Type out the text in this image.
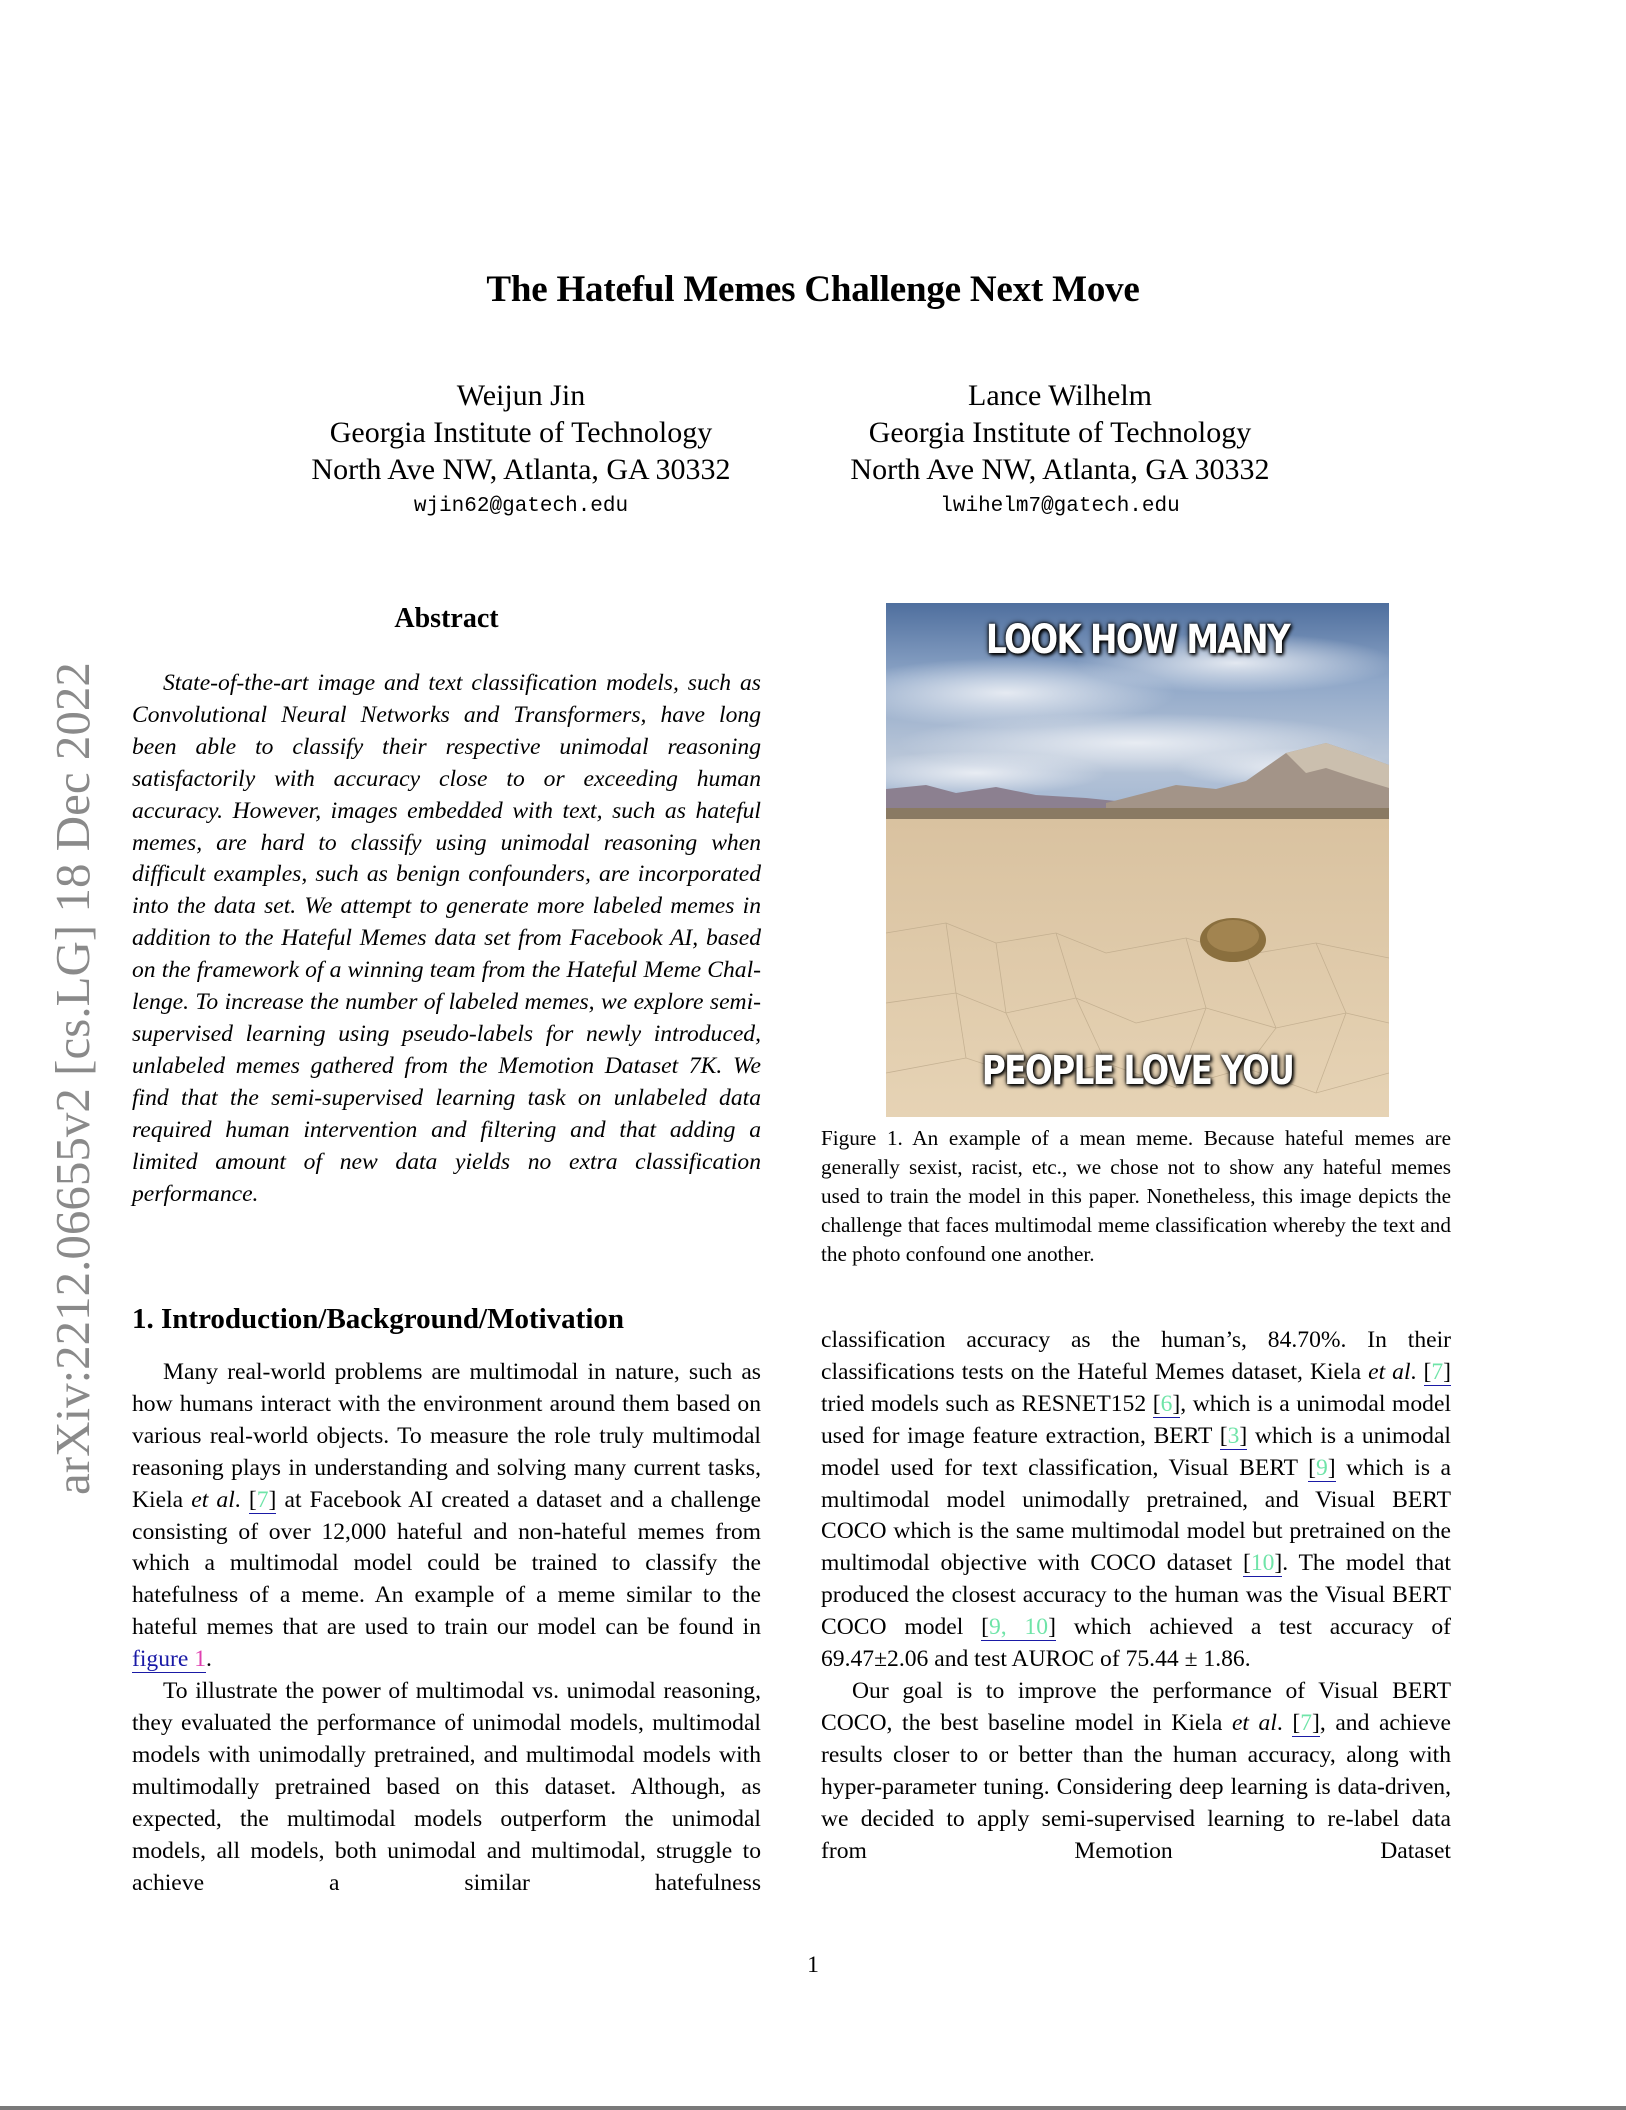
arXiv:2212.06655v2 [cs.LG] 18 Dec 2022
The Hateful Memes Challenge Next Move
Weijun Jin
Georgia Institute of Technology
North Ave NW, Atlanta, GA 30332
wjin62@gatech.edu
Lance Wilhelm
Georgia Institute of Technology
North Ave NW, Atlanta, GA 30332
lwihelm7@gatech.edu
Abstract

State-of-the-art image and text classification models, such as Convolutional Neural Networks and Transformers, have long been able to classify their respective unimodal reasoning satisfactorily with accuracy close to or exceeding human accuracy. However, images embedded with text, such as hateful memes, are hard to classify using unimodal reasoning when difficult examples, such as benign confounders, are incorporated into the data set. We attempt to generate more labeled memes in addition to the Hateful Memes data set from Facebook AI, based on the framework of a winning team from the Hateful Meme Challenge. To increase the number of labeled memes, we explore semi-supervised learning using pseudo-labels for newly introduced, unlabeled memes gathered from the Memotion Dataset 7K. We find that the semi-supervised learning task on unlabeled data required human intervention and filtering and that adding a limited amount of new data yields no extra classification performance.

LOOK HOW MANY
PEOPLE LOVE YOU
Figure 1. An example of a mean meme. Because hateful memes are generally sexist, racist, etc., we chose not to show any hateful memes used to train the model in this paper. Nonetheless, this image depicts the challenge that faces multimodal meme classification whereby the text and the photo confound one another.
1. Introduction/Background/Motivation

Many real-world problems are multimodal in nature, such as how humans interact with the environment around them based on various real-world objects. To measure the role truly multimodal reasoning plays in understanding and solving many current tasks, Kiela et al. [7] at Facebook AI created a dataset and a challenge consisting of over 12,000 hateful and non-hateful memes from which a multimodal model could be trained to classify the hatefulness of a meme. An example of a meme similar to the hateful memes that are used to train our model can be found in figure 1.

To illustrate the power of multimodal vs. unimodal reasoning, they evaluated the performance of unimodal models, multimodal models with unimodally pretrained, and multimodal models with multimodally pretrained based on this dataset. Although, as expected, the multimodal models outperform the unimodal models, all models, both unimodal and multimodal, struggle to achieve a similar hatefulness

classification accuracy as the human’s, 84.70%. In their classifications tests on the Hateful Memes dataset, Kiela et al. [7] tried models such as RESNET152 [6], which is a unimodal model used for image feature extraction, BERT [3] which is a unimodal model used for text classification, Visual BERT [9] which is a multimodal model unimodally pretrained, and Visual BERT COCO which is the same multimodal model but pretrained on the multimodal objective with COCO dataset [10]. The model that produced the closest accuracy to the human was the Visual BERT COCO model [9, 10] which achieved a test accuracy of 69.47±2.06 and test AUROC of 75.44 ± 1.86.

Our goal is to improve the performance of Visual BERT COCO, the best baseline model in Kiela et al. [7], and achieve results closer to or better than the human accuracy, along with hyper-parameter tuning. Considering deep learning is data-driven, we decided to apply semi-supervised learning to re-label data from Memotion Dataset

1
